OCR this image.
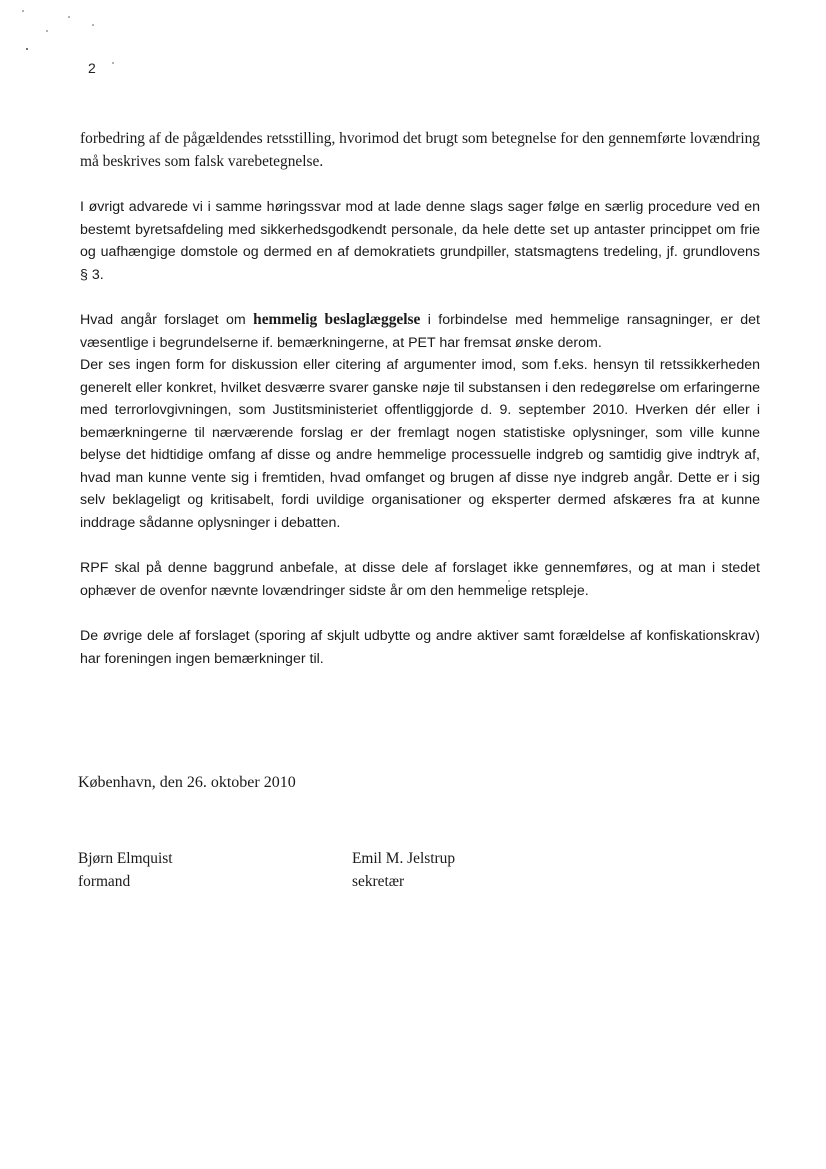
2

forbedring af de pågældendes retsstilling, hvorimod det brugt som betegnelse for den gennemførte lovændring må beskrives som falsk varebetegnelse.

I øvrigt advarede vi i samme høringssvar mod at lade denne slags sager følge en særlig procedure ved en bestemt byretsafdeling med sikkerhedsgodkendt personale, da hele dette set up antaster princippet om frie og uafhængige domstole og dermed en af demokratiets grundpiller, statsmagtens tredeling, jf. grundlovens § 3.

Hvad angår forslaget om hemmelig beslaglæggelse i forbindelse med hemmelige ransagninger, er det væsentlige i begrundelserne if. bemærkningerne, at PET har fremsat ønske derom.

Der ses ingen form for diskussion eller citering af argumenter imod, som f.eks. hensyn til retssikkerheden generelt eller konkret, hvilket desværre svarer ganske nøje til substansen i den redegørelse om erfaringerne med terrorlovgivningen, som Justitsministeriet offentliggjorde d. 9. september 2010. Hverken dér eller i bemærkningerne til nærværende forslag er der fremlagt nogen statistiske oplysninger, som ville kunne belyse det hidtidige omfang af disse og andre hemmelige processuelle indgreb og samtidig give indtryk af, hvad man kunne vente sig i fremtiden, hvad omfanget og brugen af disse nye indgreb angår. Dette er i sig selv beklageligt og kritisabelt, fordi uvildige organisationer og eksperter dermed afskæres fra at kunne inddrage sådanne oplysninger i debatten.

RPF skal på denne baggrund anbefale, at disse dele af forslaget ikke gennemføres, og at man i stedet ophæver de ovenfor nævnte lovændringer sidste år om den hemmelige retspleje.

De øvrige dele af forslaget (sporing af skjult udbytte og andre aktiver samt forældelse af konfiskationskrav) har foreningen ingen bemærkninger til.

København, den 26. oktober 2010
Bjørn Elmquist
formand
Emil M. Jelstrup
sekretær
